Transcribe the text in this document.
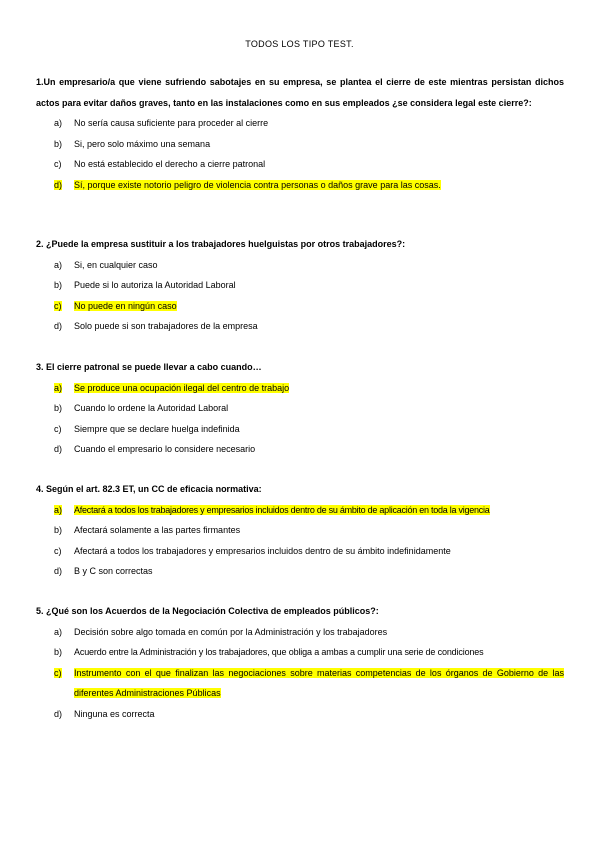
TODOS LOS TIPO TEST.
1.Un empresario/a que viene sufriendo sabotajes en su empresa, se plantea el cierre de este mientras persistan dichos actos para evitar daños graves, tanto en las instalaciones como en sus empleados ¿se considera legal este cierre?:
a)	No sería causa suficiente para proceder al cierre
b)	Si, pero solo máximo una semana
c)	No está establecido el derecho a cierre patronal
d)	Sí, porque existe notorio peligro de violencia contra personas o daños grave para las cosas.
2. ¿Puede la empresa sustituir a los trabajadores huelguistas por otros trabajadores?:
a)	Si, en cualquier caso
b)	Puede si lo autoriza la Autoridad Laboral
c)	No puede en ningún caso
d)	Solo puede si son trabajadores de la empresa
3. El cierre patronal se puede llevar a cabo cuando…
a)	Se produce una ocupación ilegal del centro de trabajo
b)	Cuando lo ordene la Autoridad Laboral
c)	Siempre que se declare huelga indefinida
d)	Cuando el empresario lo considere necesario
4. Según el art. 82.3 ET, un CC de eficacia normativa:
a)	Afectará a todos los trabajadores y empresarios incluidos dentro de su ámbito de aplicación en toda la vigencia
b)	Afectará solamente a las partes firmantes
c)	Afectará a todos los trabajadores y empresarios incluidos dentro de su ámbito indefinidamente
d)	B y C son correctas
5. ¿Qué son los Acuerdos de la Negociación Colectiva de empleados públicos?:
a)	Decisión sobre algo tomada en común por la Administración y los trabajadores
b)	Acuerdo entre la Administración y los trabajadores, que obliga a ambas a cumplir una serie de condiciones
c)	Instrumento con el que finalizan las negociaciones sobre materias competencias de los órganos de Gobierno de las diferentes Administraciones Públicas
d)	Ninguna es correcta
